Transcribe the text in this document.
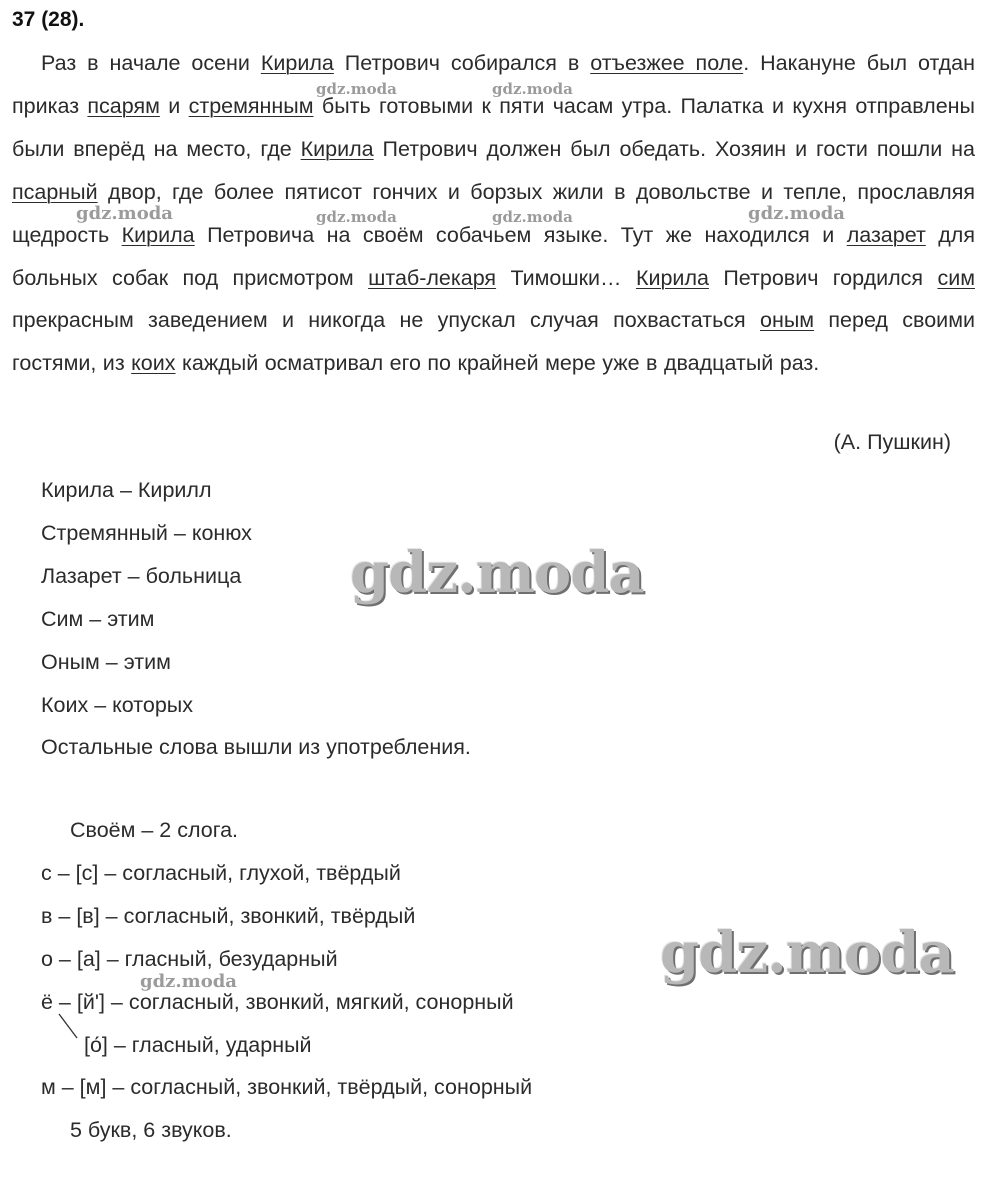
37 (28).
Раз в начале осени Кирила Петрович собирался в отъезжее поле. Накануне был отдан приказ псарям и стремянным быть готовыми к пяти часам утра. Палатка и кухня отправлены были вперёд на место, где Кирила Петрович должен был обедать. Хозяин и гости пошли на псарный двор, где более пятисот гончих и борзых жили в довольстве и тепле, прославляя щедрость Кирила Петровича на своём собачьем языке. Тут же находился и лазарет для больных собак под присмотром штаб-лекаря Тимошки… Кирила Петрович гордился сим прекрасным заведением и никогда не упускал случая похвастаться оным перед своими гостями, из коих каждый осматривал его по крайней мере уже в двадцатый раз.
(А. Пушкин)
Кирила – Кирилл
Стремянный – конюх
Лазарет – больница
Сим – этим
Оным – этим
Коих – которых
Остальные слова вышли из употребления.
Своём – 2 слога.
с – [с] – согласный, глухой, твёрдый
в – [в] – согласный, звонкий, твёрдый
о – [а] – гласный, безударный
ё – [й'] – согласный, звонкий, мягкий, сонорный
[о́] – гласный, ударный
м – [м] – согласный, звонкий, твёрдый, сонорный
5 букв, 6 звуков.
gdz.moda	gdz.moda
gdz.moda	gdz.moda	gdz.moda	gdz.moda
gdz.moda
gdz.moda
gdz.moda
